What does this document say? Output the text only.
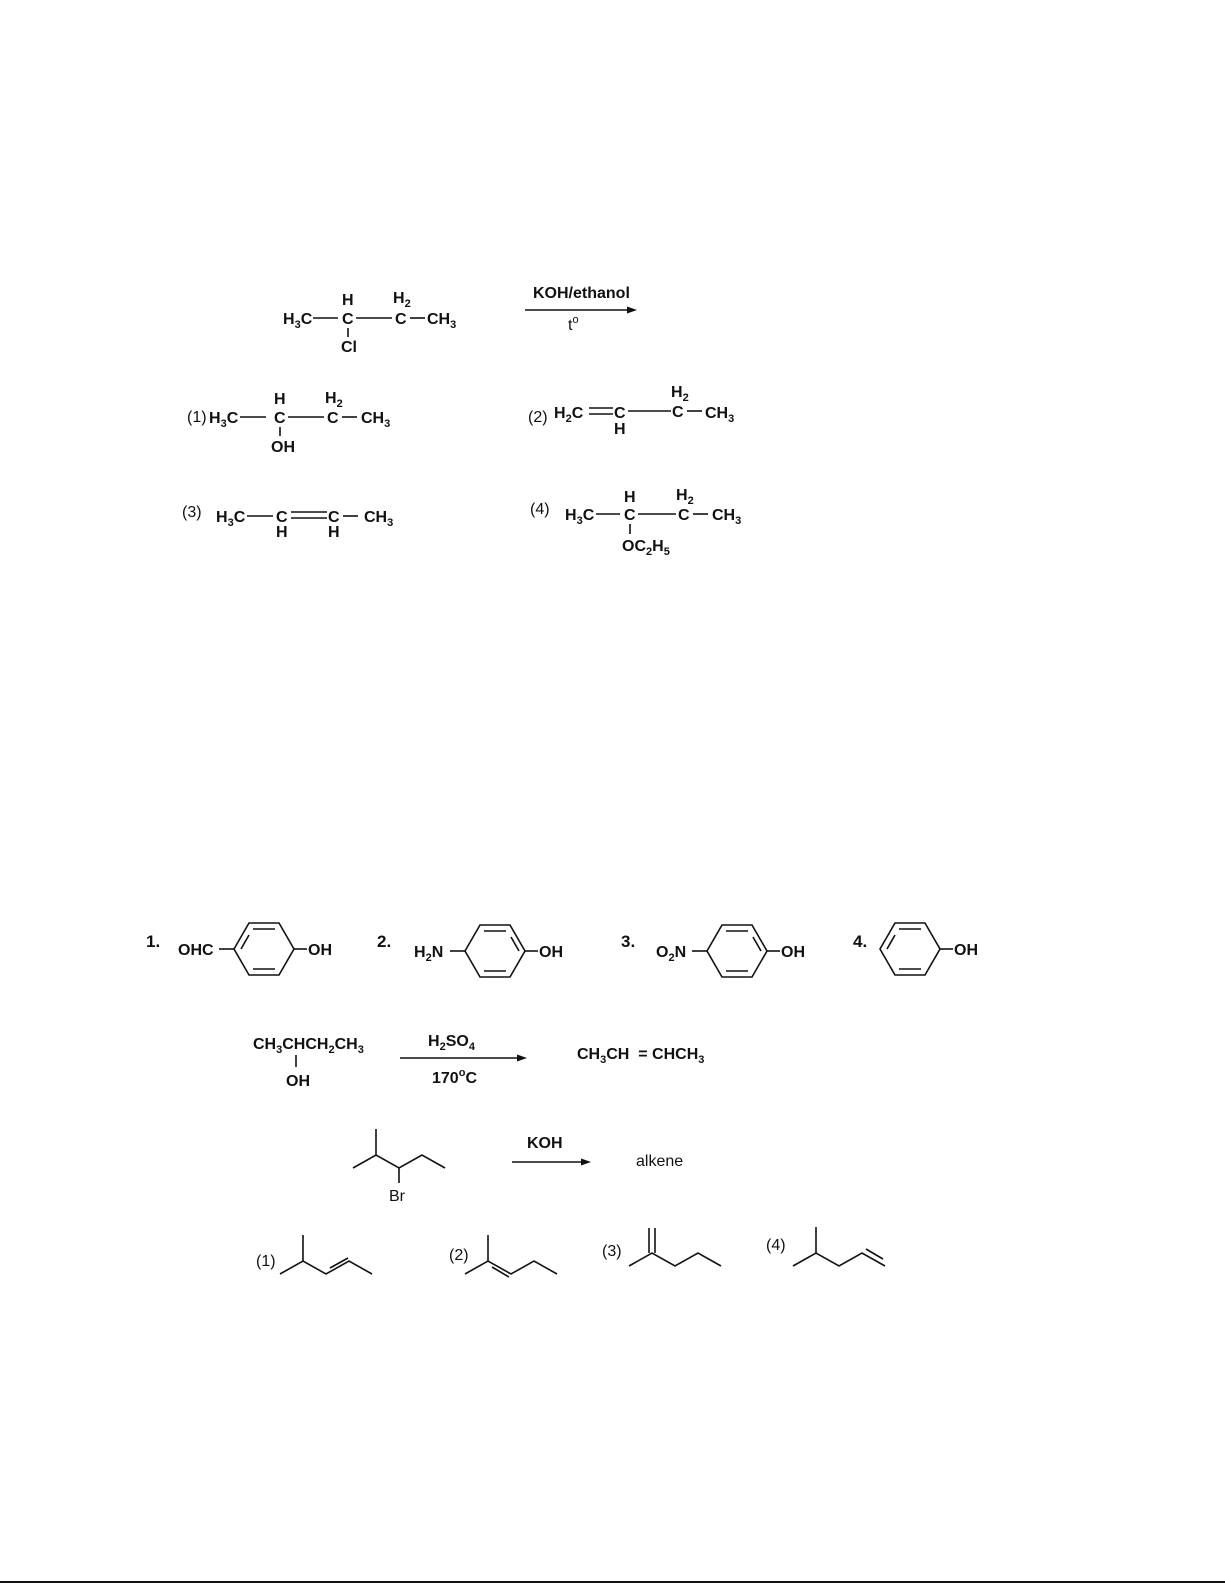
$H_3C$
H
C
$H_2$
C $CH_3$
Cl
KOH/ethanol
$t^o$
(1) $H_3C$
H
C
$H_2$
C $CH_3$
OH
(2) $H_2C$ C
H
$H_2$
C $CH_3$
(3) $H_3C$ C
H
C
H
$CH_3$
(4) $H_3C$
H
C
$H_2$
C $CH_3$
$OC_2H_5$
1. OHC	OH	2.
$H_2N$	OH
3.
$O_2N$	OH
4.	OH
$CH_3CHCH_2CH_3$
OH
$H_2SO_4$
170$^o$C
$CH_3CH$  = $CHCH_3$
Br
KOH
alkene
(1)	(2)	(3)	(4)
